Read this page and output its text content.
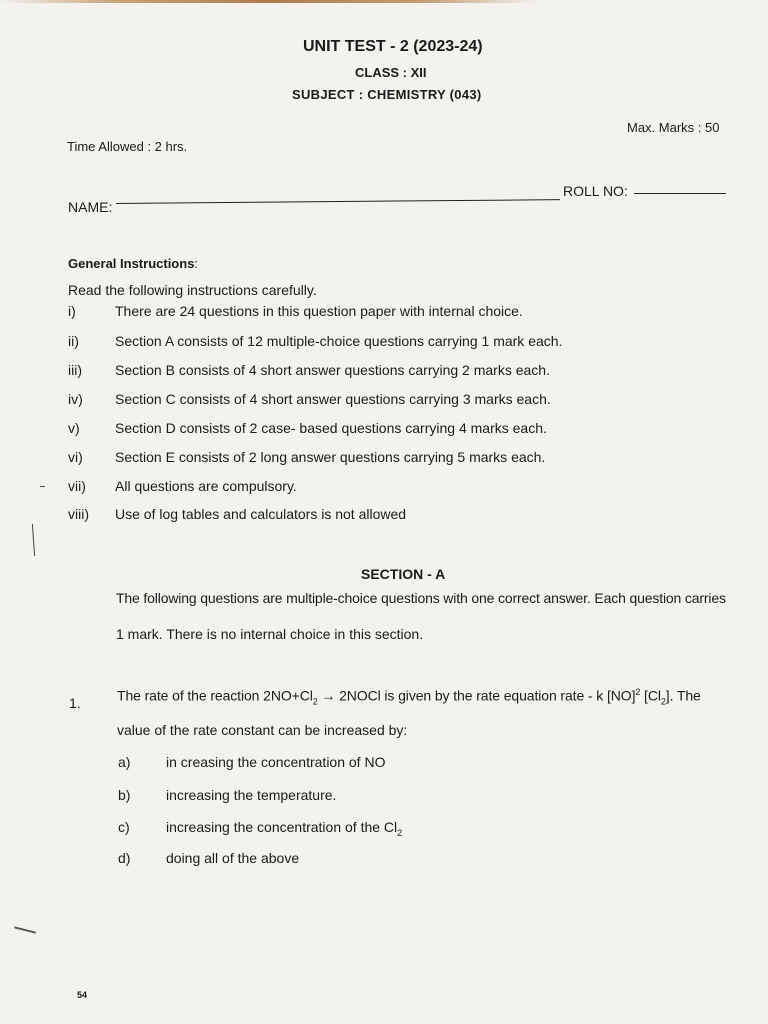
UNIT TEST - 2 (2023-24)
CLASS : XII
SUBJECT : CHEMISTRY (043)
Max. Marks : 50
Time Allowed : 2 hrs.
ROLL NO:
NAME:
General Instructions:
Read the following instructions carefully.
i)	There are 24 questions in this question paper with internal choice.
ii)	Section A consists of 12 multiple-choice questions carrying 1 mark each.
iii) Section B consists of 4 short answer questions carrying 2 marks each.
iv) Section C consists of 4 short answer questions carrying 3 marks each.
v)	Section D consists of 2 case- based questions carrying 4 marks each.
vi) Section E consists of 2 long answer questions carrying 5 marks each.
vii) All questions are compulsory.
viii) Use of log tables and calculators is not allowed
SECTION - A
The following questions are multiple-choice questions with one correct answer. Each question carries
1 mark. There is no internal choice in this section.
1.	The rate of the reaction $2NO+Cl_2$ → 2NOCl is given by the rate equation rate - k [NO]$^2$ $[Cl_2]$. The
value of the rate constant can be increased by:
a)	in creasing the concentration of NO
b)	increasing the temperature.
c)	increasing the concentration of the $Cl_2$
d)	doing all of the above
54
